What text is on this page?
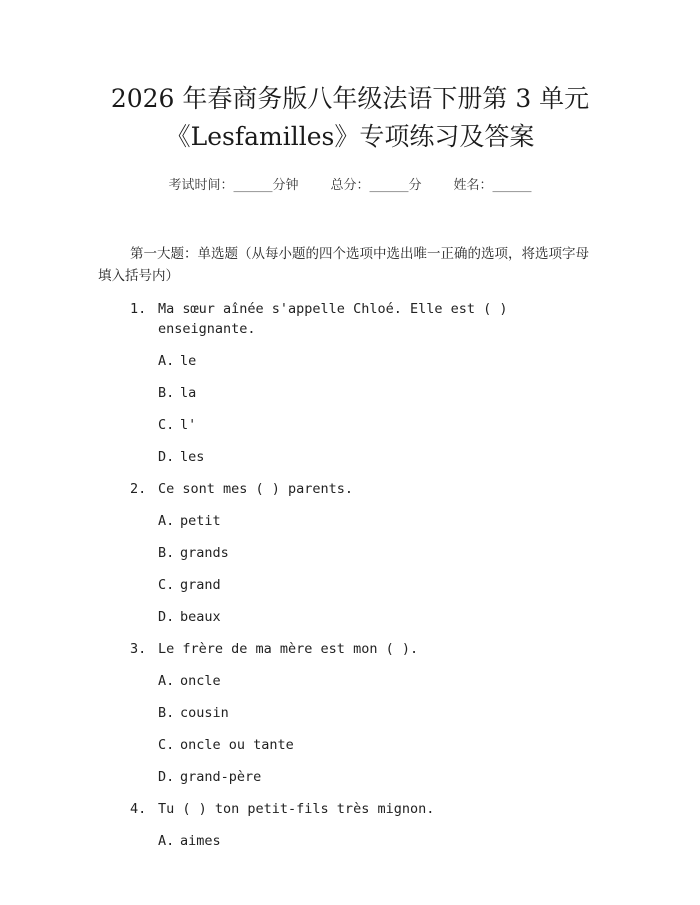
2026 年春商务版八年级法语下册第 3 单元
《Lesfamilles》专项练习及答案
考试时间：______分钟 总分：______分 姓名：______
第一大题：单选题（从每小题的四个选项中选出唯一正确的选项，将选项字母
填入括号内）
1. Ma sœur aînée s'appelle Chloé. Elle est ( ) enseignante.
A. le
B. la
C. l'
D. les
2. Ce sont mes ( ) parents.
A. petit
B. grands
C. grand
D. beaux
3. Le frère de ma mère est mon ( ).
A. oncle
B. cousin
C. oncle ou tante
D. grand-père
4. Tu ( ) ton petit-fils très mignon.
A. aimes
